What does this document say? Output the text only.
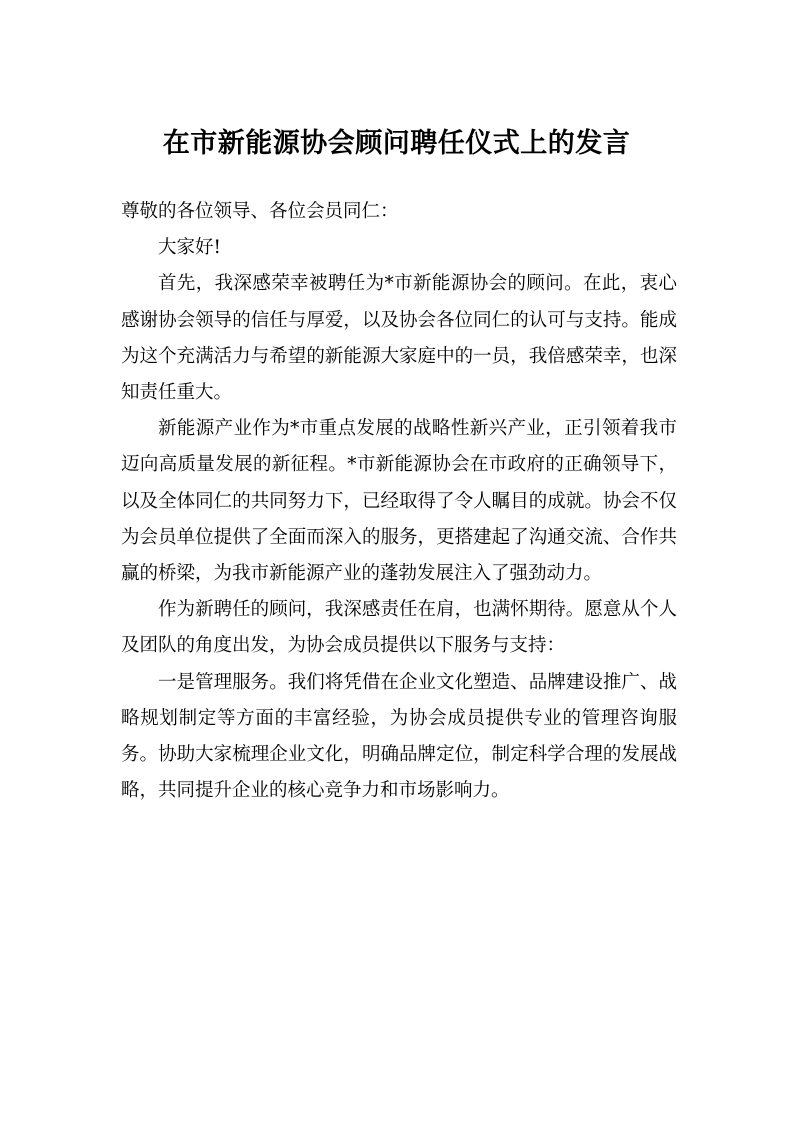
在市新能源协会顾问聘任仪式上的发言

尊敬的各位领导、各位会员同仁：

大家好!

首先，我深感荣幸被聘任为*市新能源协会的顾问。在此，衷心感谢协会领导的信任与厚爱，以及协会各位同仁的认可与支持。能成为这个充满活力与希望的新能源大家庭中的一员，我倍感荣幸，也深知责任重大。

新能源产业作为*市重点发展的战略性新兴产业，正引领着我市迈向高质量发展的新征程。*市新能源协会在市政府的正确领导下，以及全体同仁的共同努力下，已经取得了令人瞩目的成就。协会不仅为会员单位提供了全面而深入的服务，更搭建起了沟通交流、合作共赢的桥梁，为我市新能源产业的蓬勃发展注入了强劲动力。

作为新聘任的顾问，我深感责任在肩，也满怀期待。愿意从个人及团队的角度出发，为协会成员提供以下服务与支持：

一是管理服务。我们将凭借在企业文化塑造、品牌建设推广、战略规划制定等方面的丰富经验，为协会成员提供专业的管理咨询服务。协助大家梳理企业文化，明确品牌定位，制定科学合理的发展战略，共同提升企业的核心竞争力和市场影响力。
